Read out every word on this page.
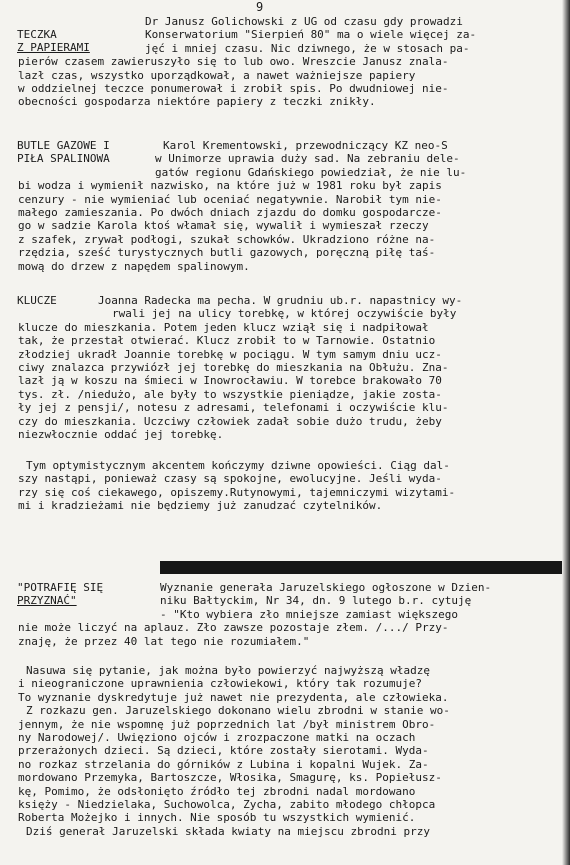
9
TECZKA
Z PAPIERAMI
Dr Janusz Golichowski z UG od czasu gdy prowadzi
Konserwatorium "Sierpień 80" ma o wiele więcej za-
jęć i mniej czasu. Nic dziwnego, że w stosach pa-
pierów czasem zawieruszyło się to lub owo. Wreszcie Janusz znala-
lazł czas, wszystko uporządkował, a nawet ważniejsze papiery
w oddzielnej teczce ponumerował i zrobił spis. Po dwudniowej nie-
obecności gospodarza niektóre papiery z teczki znikły.
BUTLE GAZOWE I
PIŁA SPALINOWA
Karol Krementowski, przewodniczący KZ neo-S
w Unimorze uprawia duży sad. Na zebraniu dele-
gatów regionu Gdańskiego powiedział, że nie lu-
bi wodza i wymienił nazwisko, na które już w 1981 roku był zapis
cenzury - nie wymieniać lub oceniać negatywnie. Narobił tym nie-
małego zamieszania. Po dwóch dniach zjazdu do domku gospodarcze-
go w sadzie Karola ktoś włamał się, wywalił i wymieszał rzeczy
z szafek, zrywał podłogi, szukał schowków. Ukradziono różne na-
rzędzia, sześć turystycznych butli gazowych, poręczną piłę taś-
mową do drzew z napędem spalinowym.
KLUCZE	Joanna Radecka ma pecha. W grudniu ub.r. napastnicy wy-
rwali jej na ulicy torebkę, w której oczywiście były
klucze do mieszkania. Potem jeden klucz wziął się i nadpiłował
tak, że przestał otwierać. Klucz zrobił to w Tarnowie. Ostatnio
złodziej ukradł Joannie torebkę w pociągu. W tym samym dniu ucz-
ciwy znalazca przywiózł jej torebkę do mieszkania na Obłużu. Zna-
lazł ją w koszu na śmieci w Inowrocławiu. W torebce brakowało 70
tys. zł. /niedużo, ale były to wszystkie pieniądze, jakie zosta-
ły jej z pensji/, notesu z adresami, telefonami i oczywiście klu-
czy do mieszkania. Uczciwy człowiek zadał sobie dużo trudu, żeby
niezwłocznie oddać jej torebkę.
Tym optymistycznym akcentem kończymy dziwne opowieści. Ciąg dal-
szy nastąpi, ponieważ czasy są spokojne, ewolucyjne. Jeśli wyda-
rzy się coś ciekawego, opiszemy.Rutynowymi, tajemniczymi wizytami-
mi i kradzieżami nie będziemy już zanudzać czytelników.
"POTRAFIĘ SIĘ
PRZYZNAĆ"
Wyznanie generała Jaruzelskiego ogłoszone w Dzien-
niku Bałtyckim, Nr 34, dn. 9 lutego b.r. cytuję
- "Kto wybiera zło mniejsze zamiast większego
nie może liczyć na aplauz. Zło zawsze pozostaje złem. /.../ Przy-
znaję, że przez 40 lat tego nie rozumiałem."
Nasuwa się pytanie, jak można było powierzyć najwyższą władzę
i nieograniczone uprawnienia człowiekowi, który tak rozumuje?
To wyznanie dyskredytuje już nawet nie prezydenta, ale człowieka.
Z rozkazu gen. Jaruzelskiego dokonano wielu zbrodni w stanie wo-
jennym, że nie wspomnę już poprzednich lat /był ministrem Obro-
ny Narodowej/. Uwięziono ojców i zrozpaczone matki na oczach
przerażonych dzieci. Są dzieci, które zostały sierotami. Wyda-
no rozkaz strzelania do górników z Lubina i kopalni Wujek. Za-
mordowano Przemyka, Bartoszcze, Włosika, Smagurę, ks. Popiełusz-
kę, Pomimo, że odsłonięto źródło tej zbrodni nadal mordowano
księży - Niedzielaka, Suchowolca, Zycha, zabito młodego chłopca
Roberta Możejko i innych. Nie sposób tu wszystkich wymienić.
Dziś generał Jaruzelski składa kwiaty na miejscu zbrodni przy
